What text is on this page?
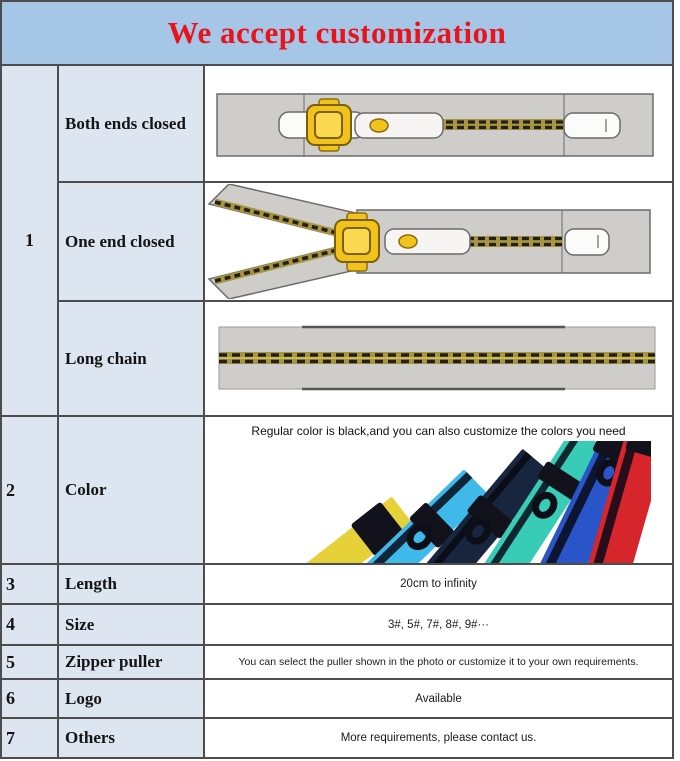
We accept customization

1	Both ends closed	

	One end closed	

	Long chain	

2	Color	Regular color is black,and you can also customize the colors you need

3	Length	20cm to infinity
4	Size	3#, 5#, 7#, 8#, 9#···
5	Zipper puller	You can select the puller shown in the photo or customize it to your own requirements.
6	Logo	Available
7	Others	More requirements, please contact us.
